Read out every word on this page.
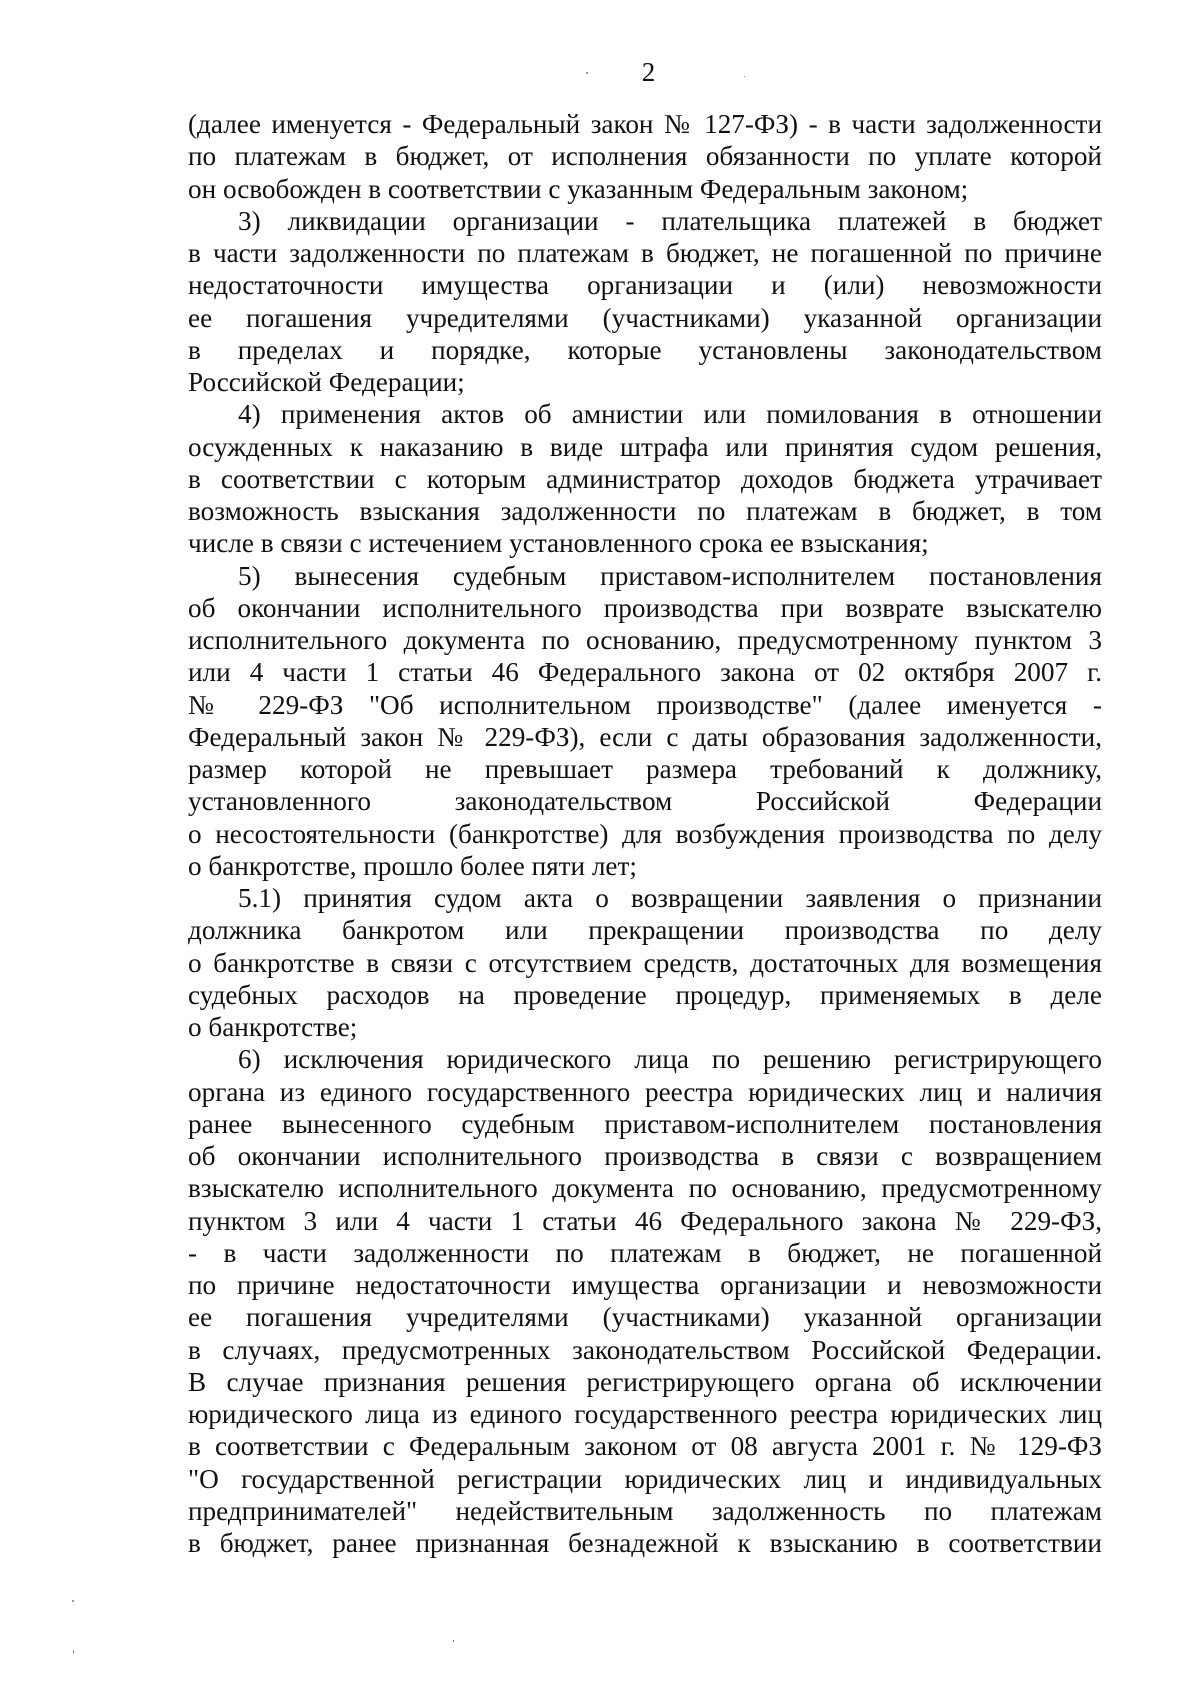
2
(далее именуется - Федеральный закон № 127-ФЗ) - в части задолженности
по платежам в бюджет, от исполнения обязанности по уплате которой
он освобожден в соответствии с указанным Федеральным законом;
3) ликвидации организации - плательщика платежей в бюджет
в части задолженности по платежам в бюджет, не погашенной по причине
недостаточности имущества организации и (или) невозможности
ее погашения учредителями (участниками) указанной организации
в пределах и порядке, которые установлены законодательством
Российской Федерации;
4) применения актов об амнистии или помилования в отношении
осужденных к наказанию в виде штрафа или принятия судом решения,
в соответствии с которым администратор доходов бюджета утрачивает
возможность взыскания задолженности по платежам в бюджет, в том
числе в связи с истечением установленного срока ее взыскания;
5) вынесения судебным приставом-исполнителем постановления
об окончании исполнительного производства при возврате взыскателю
исполнительного документа по основанию, предусмотренному пунктом 3
или 4 части 1 статьи 46 Федерального закона от 02 октября 2007 г.
№ 229-ФЗ "Об исполнительном производстве" (далее именуется -
Федеральный закон № 229-ФЗ), если с даты образования задолженности,
размер которой не превышает размера требований к должнику,
установленного законодательством Российской Федерации
о несостоятельности (банкротстве) для возбуждения производства по делу
о банкротстве, прошло более пяти лет;
5.1) принятия судом акта о возвращении заявления о признании
должника банкротом или прекращении производства по делу
о банкротстве в связи с отсутствием средств, достаточных для возмещения
судебных расходов на проведение процедур, применяемых в деле
о банкротстве;
6) исключения юридического лица по решению регистрирующего
органа из единого государственного реестра юридических лиц и наличия
ранее вынесенного судебным приставом-исполнителем постановления
об окончании исполнительного производства в связи с возвращением
взыскателю исполнительного документа по основанию, предусмотренному
пунктом 3 или 4 части 1 статьи 46 Федерального закона № 229-ФЗ,
- в части задолженности по платежам в бюджет, не погашенной
по причине недостаточности имущества организации и невозможности
ее погашения учредителями (участниками) указанной организации
в случаях, предусмотренных законодательством Российской Федерации.
В случае признания решения регистрирующего органа об исключении
юридического лица из единого государственного реестра юридических лиц
в соответствии с Федеральным законом от 08 августа 2001 г. № 129-ФЗ
"О государственной регистрации юридических лиц и индивидуальных
предпринимателей" недействительным задолженность по платежам
в бюджет, ранее признанная безнадежной к взысканию в соответствии
